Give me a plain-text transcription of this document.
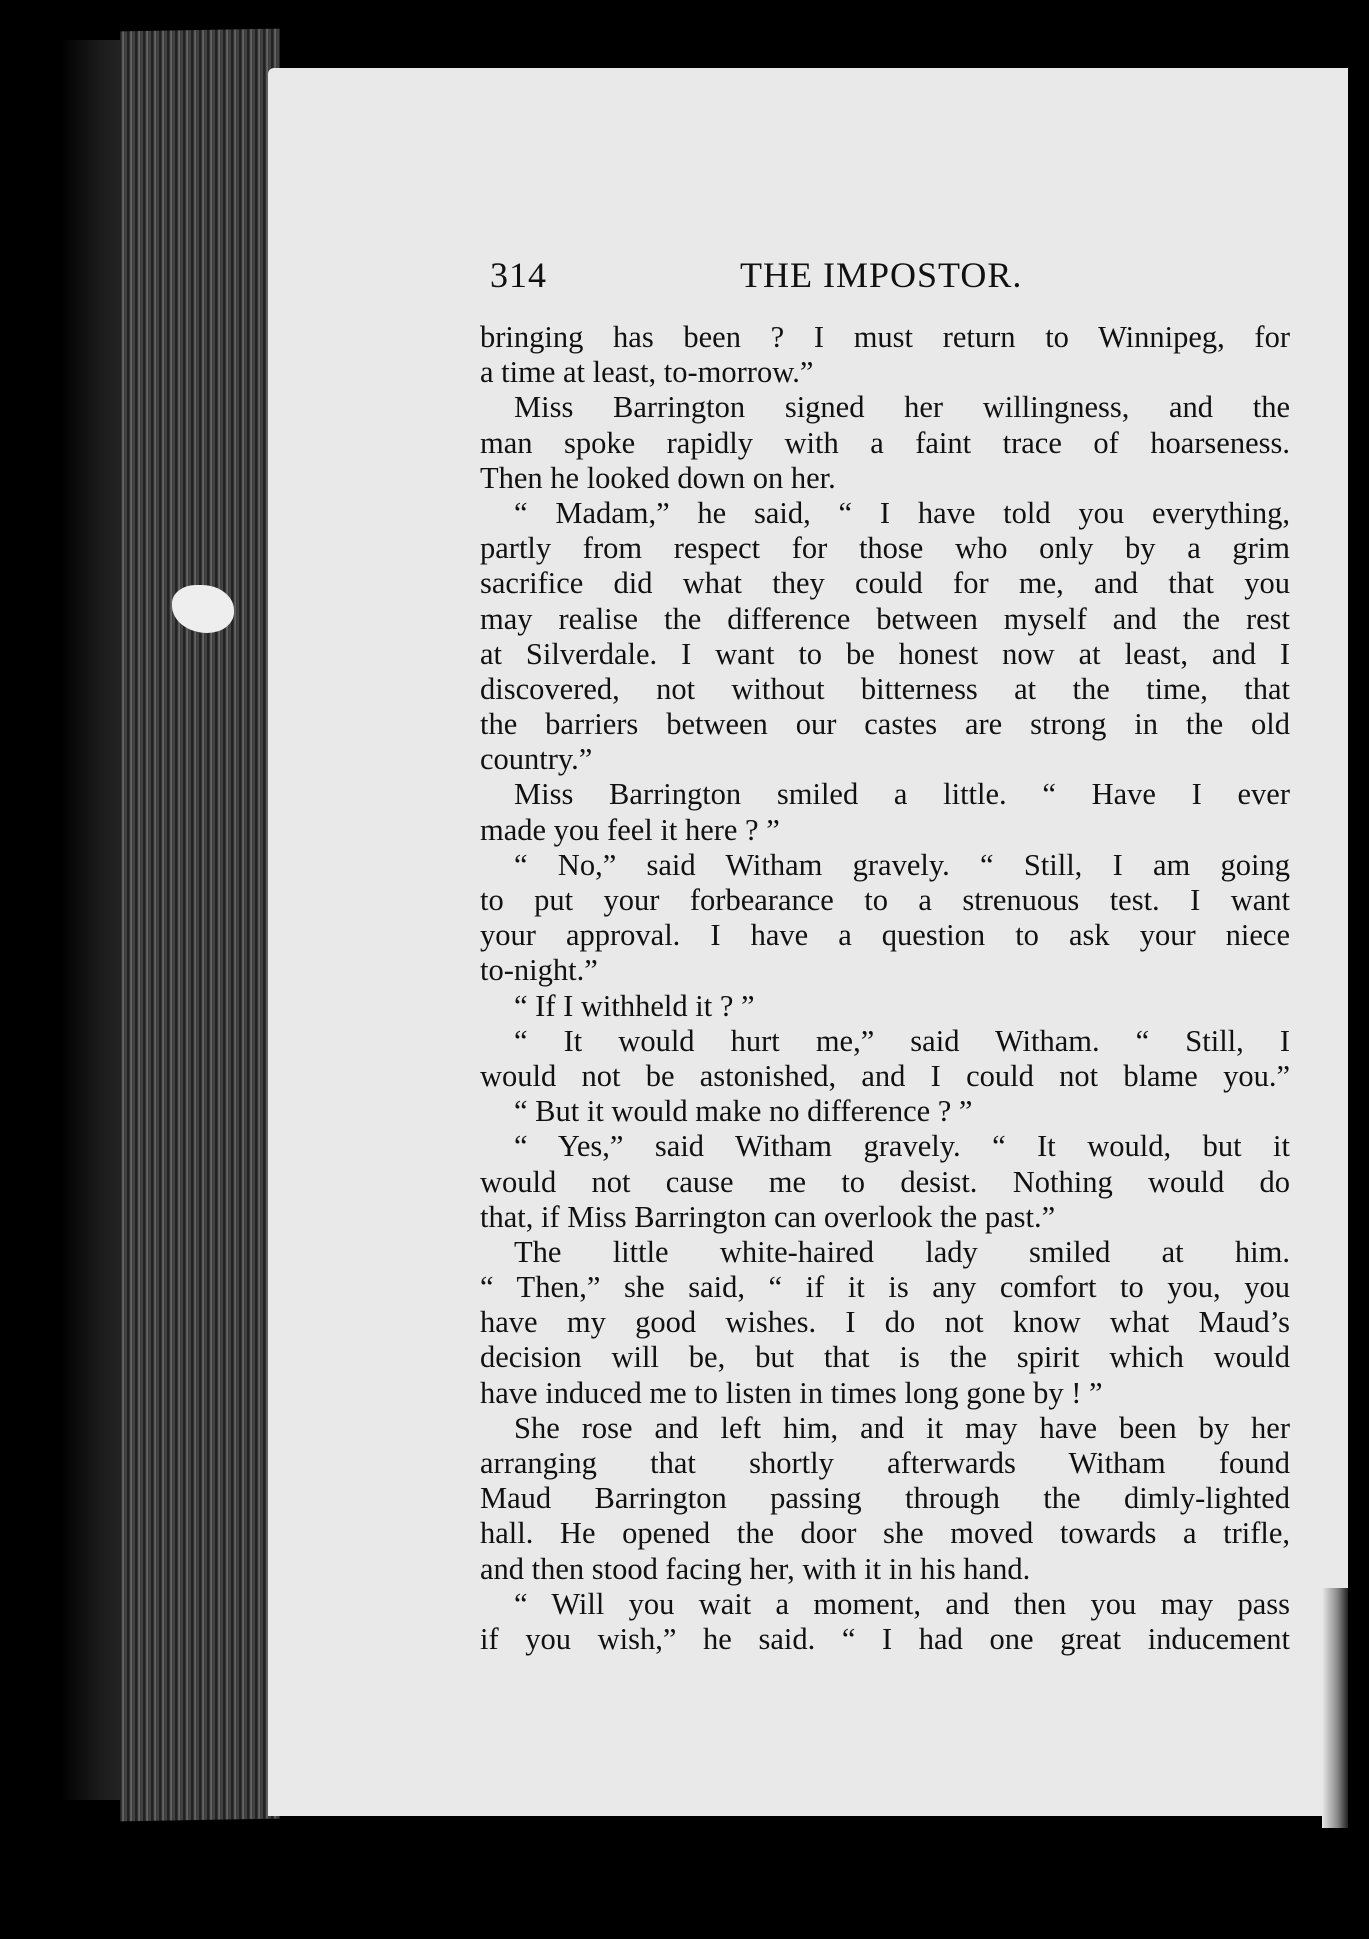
314	THE IMPOSTOR.
bringing has been ? I must return to Winnipeg, for
a time at least, to-morrow.”
Miss Barrington signed her willingness, and the
man spoke rapidly with a faint trace of hoarseness.
Then he looked down on her.
“ Madam,” he said, “ I have told you everything,
partly from respect for those who only by a grim
sacrifice did what they could for me, and that you
may realise the difference between myself and the rest
at Silverdale. I want to be honest now at least, and I
discovered, not without bitterness at the time, that
the barriers between our castes are strong in the old
country.”
Miss Barrington smiled a little. “ Have I ever
made you feel it here ? ”
“ No,” said Witham gravely. “ Still, I am going
to put your forbearance to a strenuous test. I want
your approval. I have a question to ask your niece
to-night.”
“ If I withheld it ? ”
“ It would hurt me,” said Witham. “ Still, I
would not be astonished, and I could not blame you.”
“ But it would make no difference ? ”
“ Yes,” said Witham gravely. “ It would, but it
would not cause me to desist. Nothing would do
that, if Miss Barrington can overlook the past.”
The little white-haired lady smiled at him.
“ Then,” she said, “ if it is any comfort to you, you
have my good wishes. I do not know what Maud’s
decision will be, but that is the spirit which would
have induced me to listen in times long gone by ! ”
She rose and left him, and it may have been by her
arranging that shortly afterwards Witham found
Maud Barrington passing through the dimly-lighted
hall. He opened the door she moved towards a trifle,
and then stood facing her, with it in his hand.
“ Will you wait a moment, and then you may pass
if you wish,” he said. “ I had one great inducement
